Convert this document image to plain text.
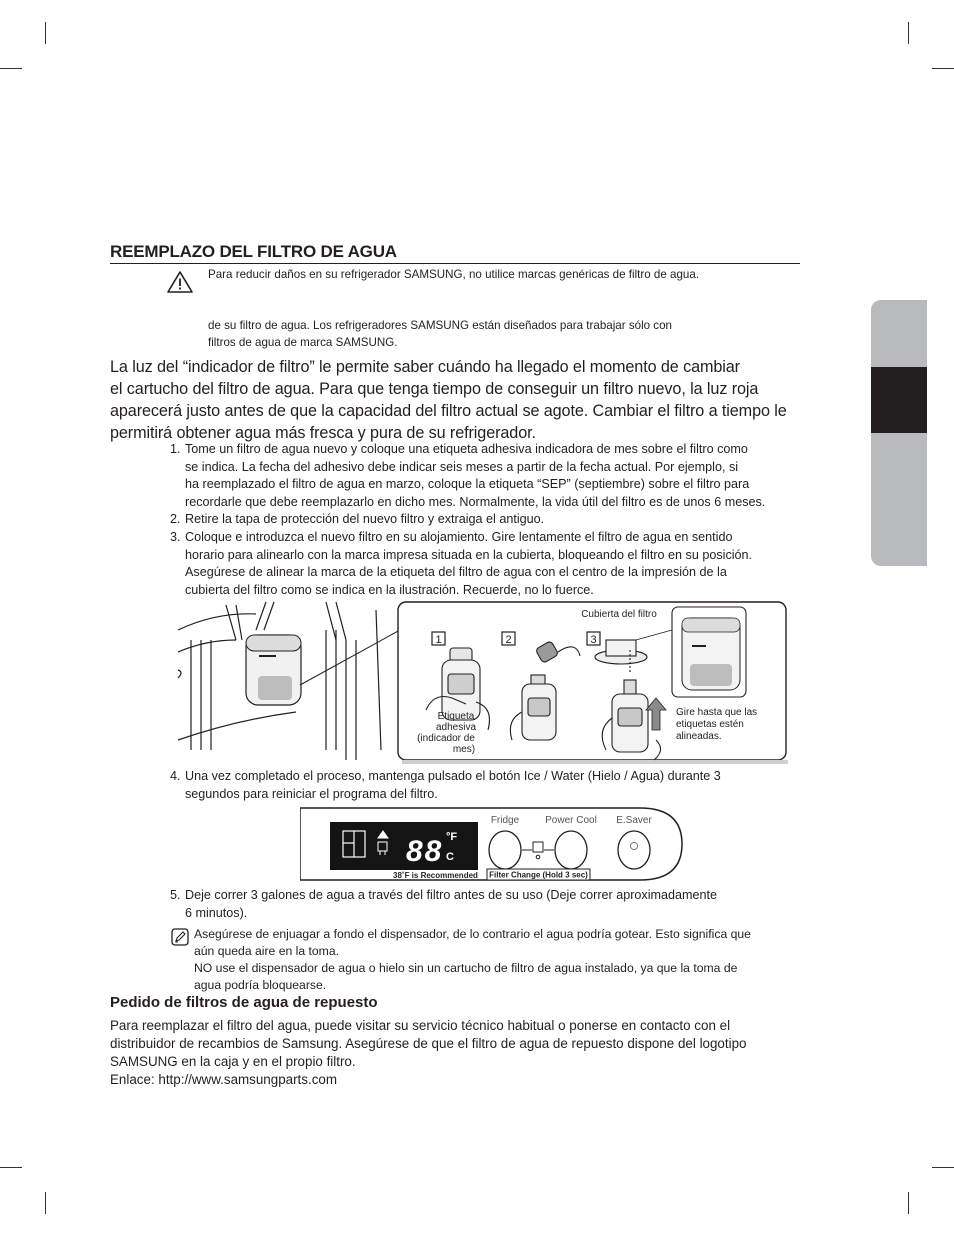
REEMPLAZO DEL FILTRO DE AGUA
Para reducir daños en su refrigerador SAMSUNG, no utilice marcas genéricas de filtro de agua.
de su filtro de agua. Los refrigeradores SAMSUNG están diseñados para trabajar sólo con
filtros de agua de marca SAMSUNG.
La luz del “indicador de filtro” le permite saber cuándo ha llegado el momento de cambiar
el cartucho del filtro de agua. Para que tenga tiempo de conseguir un filtro nuevo, la luz roja
aparecerá justo antes de que la capacidad del filtro actual se agote. Cambiar el filtro a tiempo le
permitirá obtener agua más fresca y pura de su refrigerador.
1. Tome un filtro de agua nuevo y coloque una etiqueta adhesiva indicadora de mes sobre el filtro como
se indica. La fecha del adhesivo debe indicar seis meses a partir de la fecha actual. Por ejemplo, si
ha reemplazado el filtro de agua en marzo, coloque la etiqueta “SEP” (septiembre) sobre el filtro para
recordarle que debe reemplazarlo en dicho mes. Normalmente, la vida útil del filtro es de unos 6 meses.
2. Retire la tapa de protección del nuevo filtro y extraiga el antiguo.
3. Coloque e introduzca el nuevo filtro en su alojamiento. Gire lentamente el filtro de agua en sentido
horario para alinearlo con la marca impresa situada en la cubierta, bloqueando el filtro en su posición.
Asegúrese de alinear la marca de la etiqueta del filtro de agua con el centro de la impresión de la
cubierta del filtro como se indica en la ilustración. Recuerde, no lo fuerce.
1	2	3
Cubierta del filtro
Etiqueta
adhesiva
(indicador de
mes)
Gire hasta que las
etiquetas estén
alineadas.
4. Una vez completado el proceso, mantenga pulsado el botón Ice / Water (Hielo / Agua) durante 3
segundos para reiniciar el programa del filtro.
88 °F
C
38˚F is Recommended
Fridge	Power Cool E.Saver
Filter Change (Hold 3 sec)
5. Deje correr 3 galones de agua a través del filtro antes de su uso (Deje correr aproximadamente
6 minutos).
Asegúrese de enjuagar a fondo el dispensador, de lo contrario el agua podría gotear. Esto significa que
aún queda aire en la toma.
NO use el dispensador de agua o hielo sin un cartucho de filtro de agua instalado, ya que la toma de
agua podría bloquearse.
Pedido de filtros de agua de repuesto
Para reemplazar el filtro del agua, puede visitar su servicio técnico habitual o ponerse en contacto con el
distribuidor de recambios de Samsung. Asegúrese de que el filtro de agua de repuesto dispone del logotipo
SAMSUNG en la caja y en el propio filtro.
Enlace: http://www.samsungparts.com
